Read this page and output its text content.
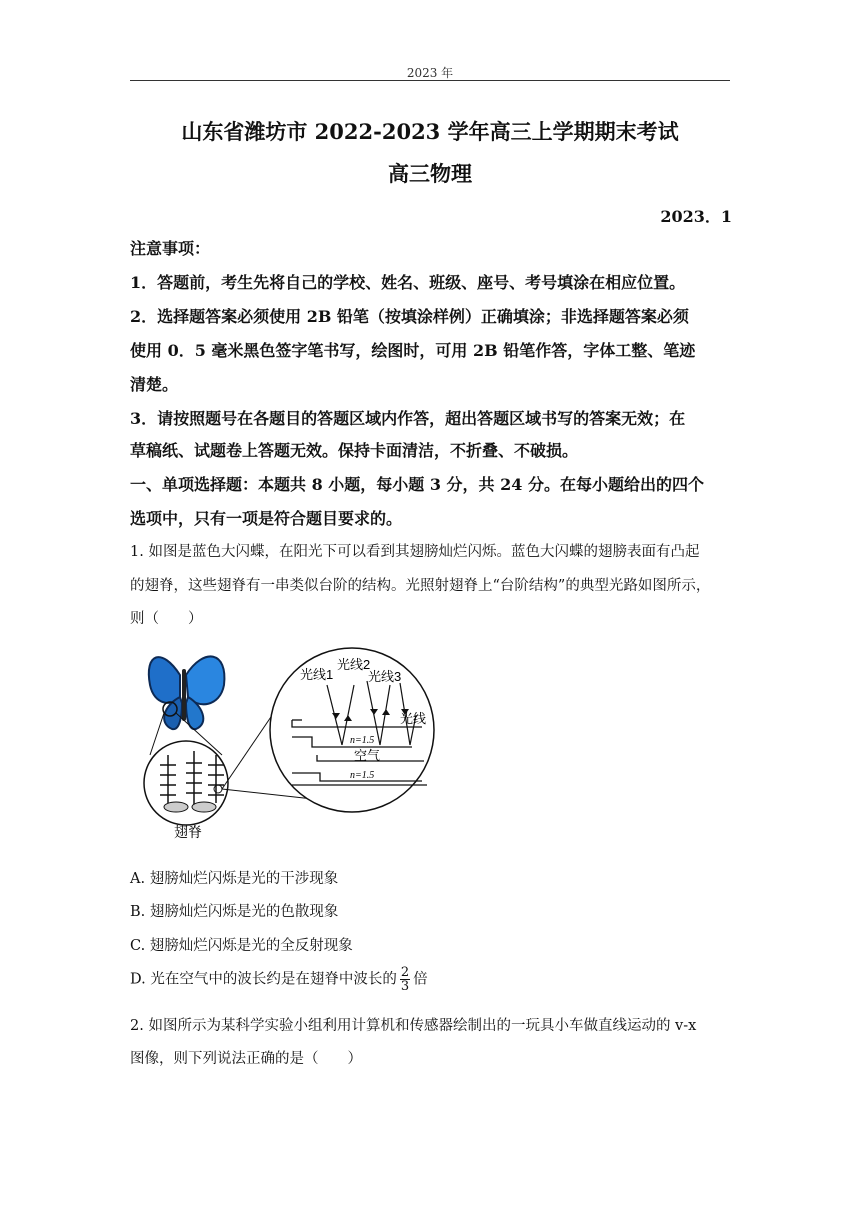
2023 年
山东省潍坊市 2022-2023 学年高三上学期期末考试
高三物理
2023．1
注意事项：
1．答题前，考生先将自己的学校、姓名、班级、座号、考号填涂在相应位置。
2．选择题答案必须使用 2B 铅笔（按填涂样例）正确填涂；非选择题答案必须
使用 0．5 毫米黑色签字笔书写，绘图时，可用 2B 铅笔作答，字体工整、笔迹
清楚。
3．请按照题号在各题目的答题区域内作答，超出答题区域书写的答案无效；在
草稿纸、试题卷上答题无效。保持卡面清洁，不折叠、不破损。
一、单项选择题：本题共 8 小题，每小题 3 分，共 24 分。在每小题给出的四个
选项中，只有一项是符合题目要求的。
1. 如图是蓝色大闪蝶，在阳光下可以看到其翅膀灿烂闪烁。蓝色大闪蝶的翅膀表面有凸起
的翅脊，这些翅脊有一串类似台阶的结构。光照射翅脊上“台阶结构”的典型光路如图所示，
则（　　）
翅脊
光线1
光线2
光线3
光线
n=1.5
空气
n=1.5
A. 翅膀灿烂闪烁是光的干涉现象
B. 翅膀灿烂闪烁是光的色散现象
C. 翅膀灿烂闪烁是光的全反射现象
D. 光在空气中的波长约是在翅脊中波长的 $\frac{2}{3}$ 倍
2. 如图所示为某科学实验小组利用计算机和传感器绘制出的一玩具小车做直线运动的 v-x
图像，则下列说法正确的是（　　）
